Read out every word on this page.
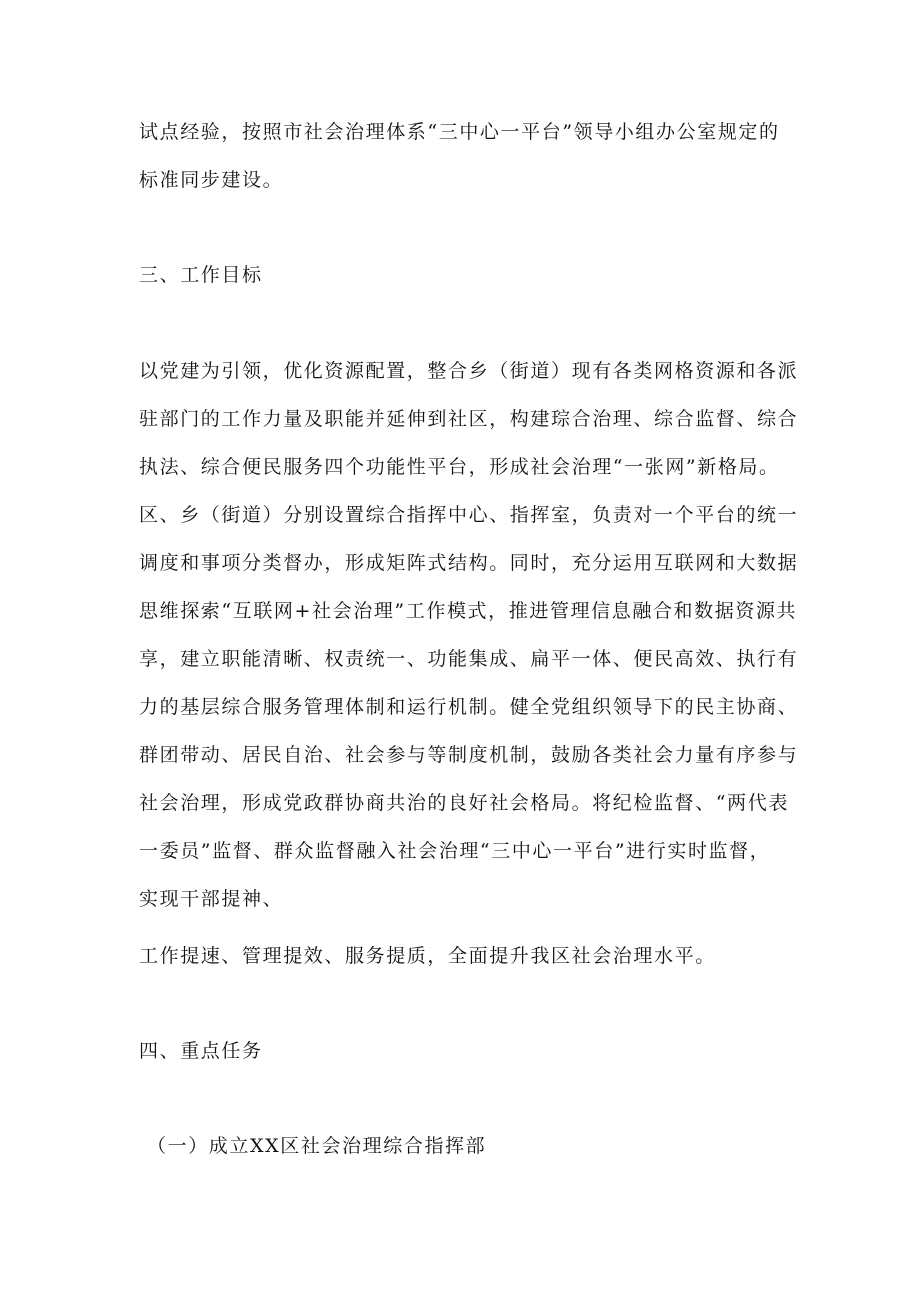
试点经验，按照市社会治理体系“三中心一平台”领导小组办公室规定的
标准同步建设。
三、工作目标
以党建为引领，优化资源配置，整合乡（街道）现有各类网格资源和各派
驻部门的工作力量及职能并延伸到社区，构建琮合治理、综合监督、综合
执法、综合便民服务四个功能性平台，形成社会治理“一张网”新格局。
区、乡（街道）分别设置综合指挥中心、指挥室，负责对一个平台的统一
调度和事项分类督办，形成矩阵式结构。同时，充分运用互联网和大数据
思维探索“互联网+社会治理”工作模式，推进管理信息融合和数据资源共
享，建立职能清晰、权责统一、功能集成、扁平一体、便民高效、执行有
力的基层综合服务管理体制和运行机制。健全党组织领导下的民主协商、
群团带动、居民自治、社会参与等制度机制，鼓励各类社会力量有序参与
社会治理，形成党政群协商共治的良好社会格局。将纪检监督、“两代表
一委员”监督、群众监督融入社会治理“三中心一平台”进行实时监督，
实现干部提神、
工作提速、管理提效、服务提质，全面提升我区社会治理水平。
四、重点任务
（一）成立XX区社会治理综合指挥部
